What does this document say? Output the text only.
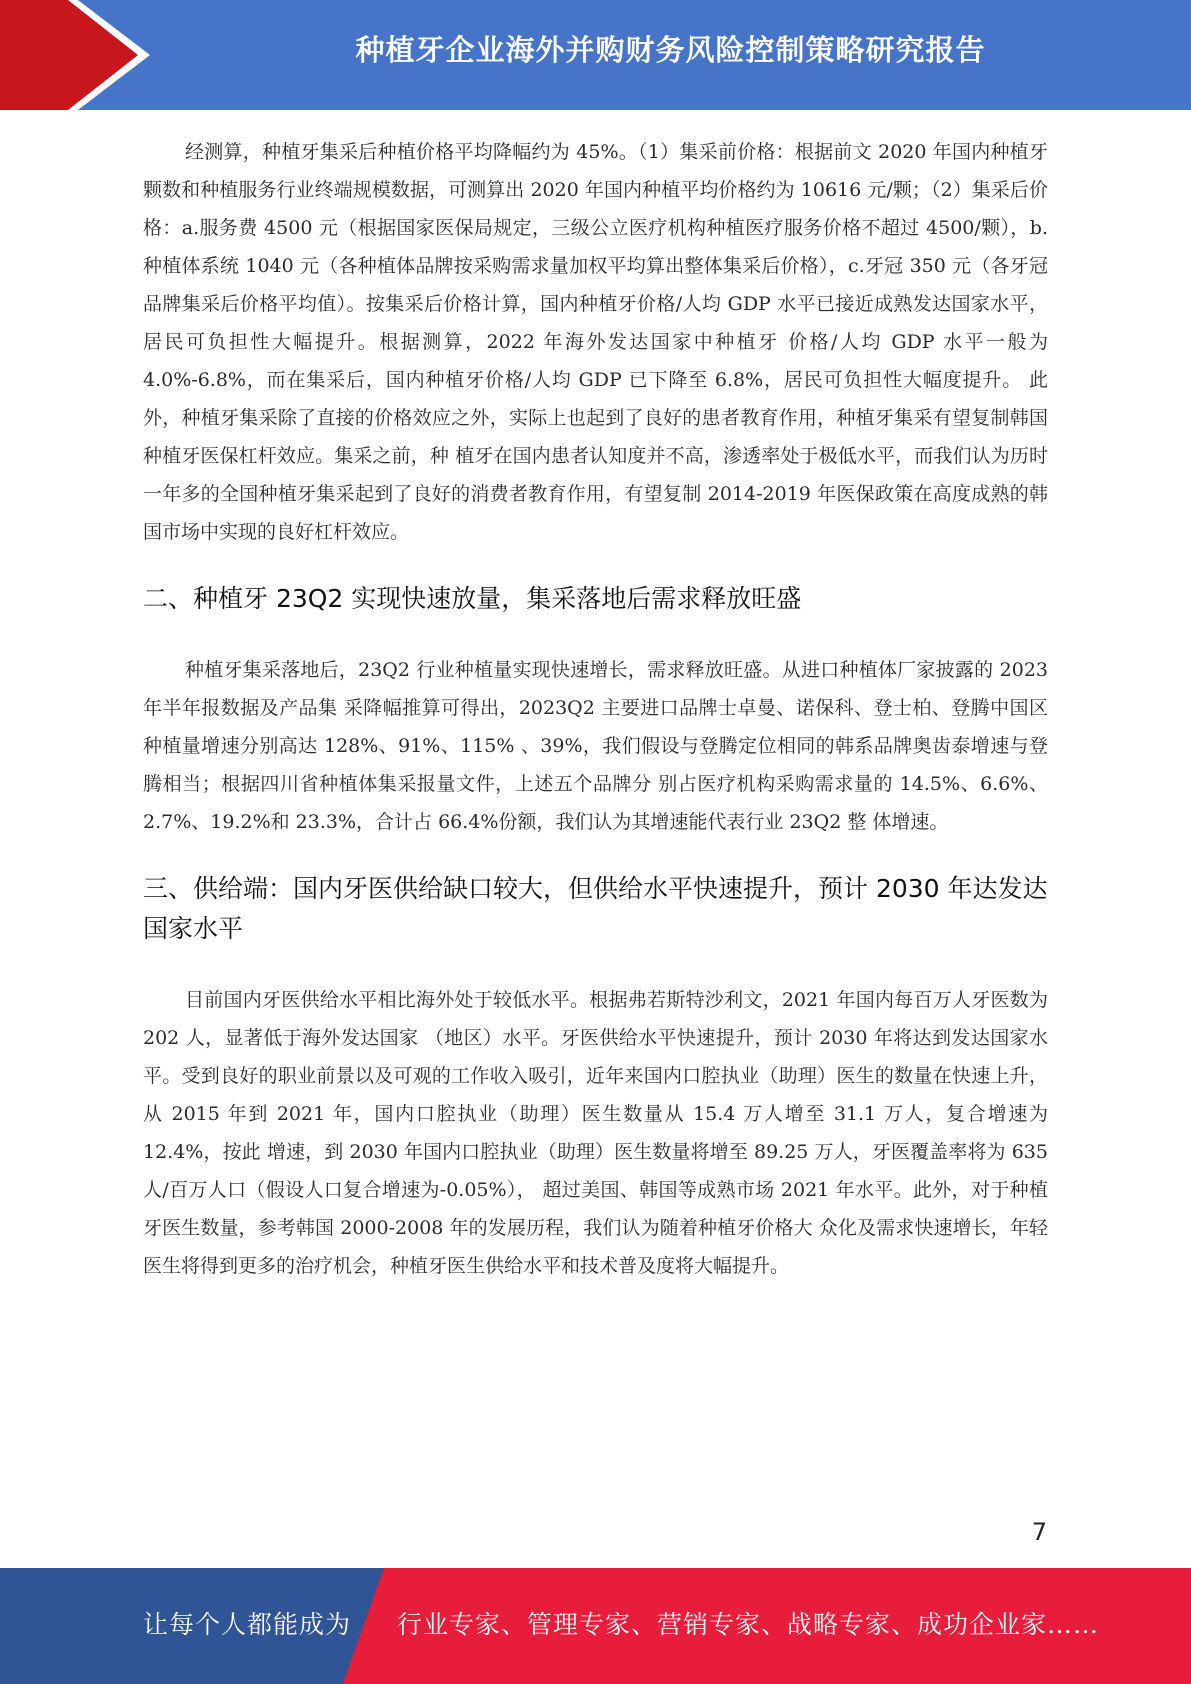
种植牙企业海外并购财务风险控制策略研究报告

经测算，种植牙集采后种植价格平均降幅约为 45%。（1）集采前价格：根据前文 2020 年国内种植牙颗数和种植服务行业终端规模数据，可测算出 2020 年国内种植平均价格约为 10616 元/颗；（2）集采后价格：a.服务费 4500 元（根据国家医保局规定，三级公立医疗机构种植医疗服务价格不超过 4500/颗），b.种植体系统 1040 元（各种植体品牌按采购需求量加权平均算出整体集采后价格），c.牙冠 350 元（各牙冠品牌集采后价格平均值）。按集采后价格计算，国内种植牙价格/人均 GDP 水平已接近成熟发达国家水平，居民可负担性大幅提升。根据测算，2022 年海外发达国家中种植牙 价格/人均 GDP 水平一般为 4.0%-6.8%，而在集采后，国内种植牙价格/人均 GDP 已下降至 6.8%，居民可负担性大幅度提升。 此外，种植牙集采除了直接的价格效应之外，实际上也起到了良好的患者教育作用，种植牙集采有望复制韩国种植牙医保杠杆效应。集采之前，种 植牙在国内患者认知度并不高，渗透率处于极低水平，而我们认为历时一年多的全国种植牙集采起到了良好的消费者教育作用，有望复制 2014-2019 年医保政策在高度成熟的韩国市场中实现的良好杠杆效应。

二、种植牙 23Q2 实现快速放量，集采落地后需求释放旺盛

种植牙集采落地后，23Q2 行业种植量实现快速增长，需求释放旺盛。从进口种植体厂家披露的 2023 年半年报数据及产品集 采降幅推算可得出，2023Q2 主要进口品牌士卓曼、诺保科、登士柏、登腾中国区种植量增速分别高达 128%、91%、115% 、39%，我们假设与登腾定位相同的韩系品牌奥齿泰增速与登腾相当；根据四川省种植体集采报量文件，上述五个品牌分 别占医疗机构采购需求量的 14.5%、6.6%、2.7%、19.2%和 23.3%，合计占 66.4%份额，我们认为其增速能代表行业 23Q2 整 体增速。

三、供给端：国内牙医供给缺口较大，但供给水平快速提升，预计 2030 年达发达国家水平

目前国内牙医供给水平相比海外处于较低水平。根据弗若斯特沙利文，2021 年国内每百万人牙医数为 202 人，显著低于海外发达国家 （地区）水平。牙医供给水平快速提升，预计 2030 年将达到发达国家水平。受到良好的职业前景以及可观的工作收入吸引，近年来国内口腔执业（助理）医生的数量在快速上升，从 2015 年到 2021 年，国内口腔执业（助理）医生数量从 15.4 万人增至 31.1 万人，复合增速为 12.4%，按此 增速，到 2030 年国内口腔执业（助理）医生数量将增至 89.25 万人，牙医覆盖率将为 635 人/百万人口（假设人口复合增速为-0.05%）， 超过美国、韩国等成熟市场 2021 年水平。此外，对于种植牙医生数量，参考韩国 2000-2008 年的发展历程，我们认为随着种植牙价格大 众化及需求快速增长，年轻医生将得到更多的治疗机会，种植牙医生供给水平和技术普及度将大幅提升。

7
让每个人都能成为 行业专家、管理专家、营销专家、战略专家、成功企业家……
